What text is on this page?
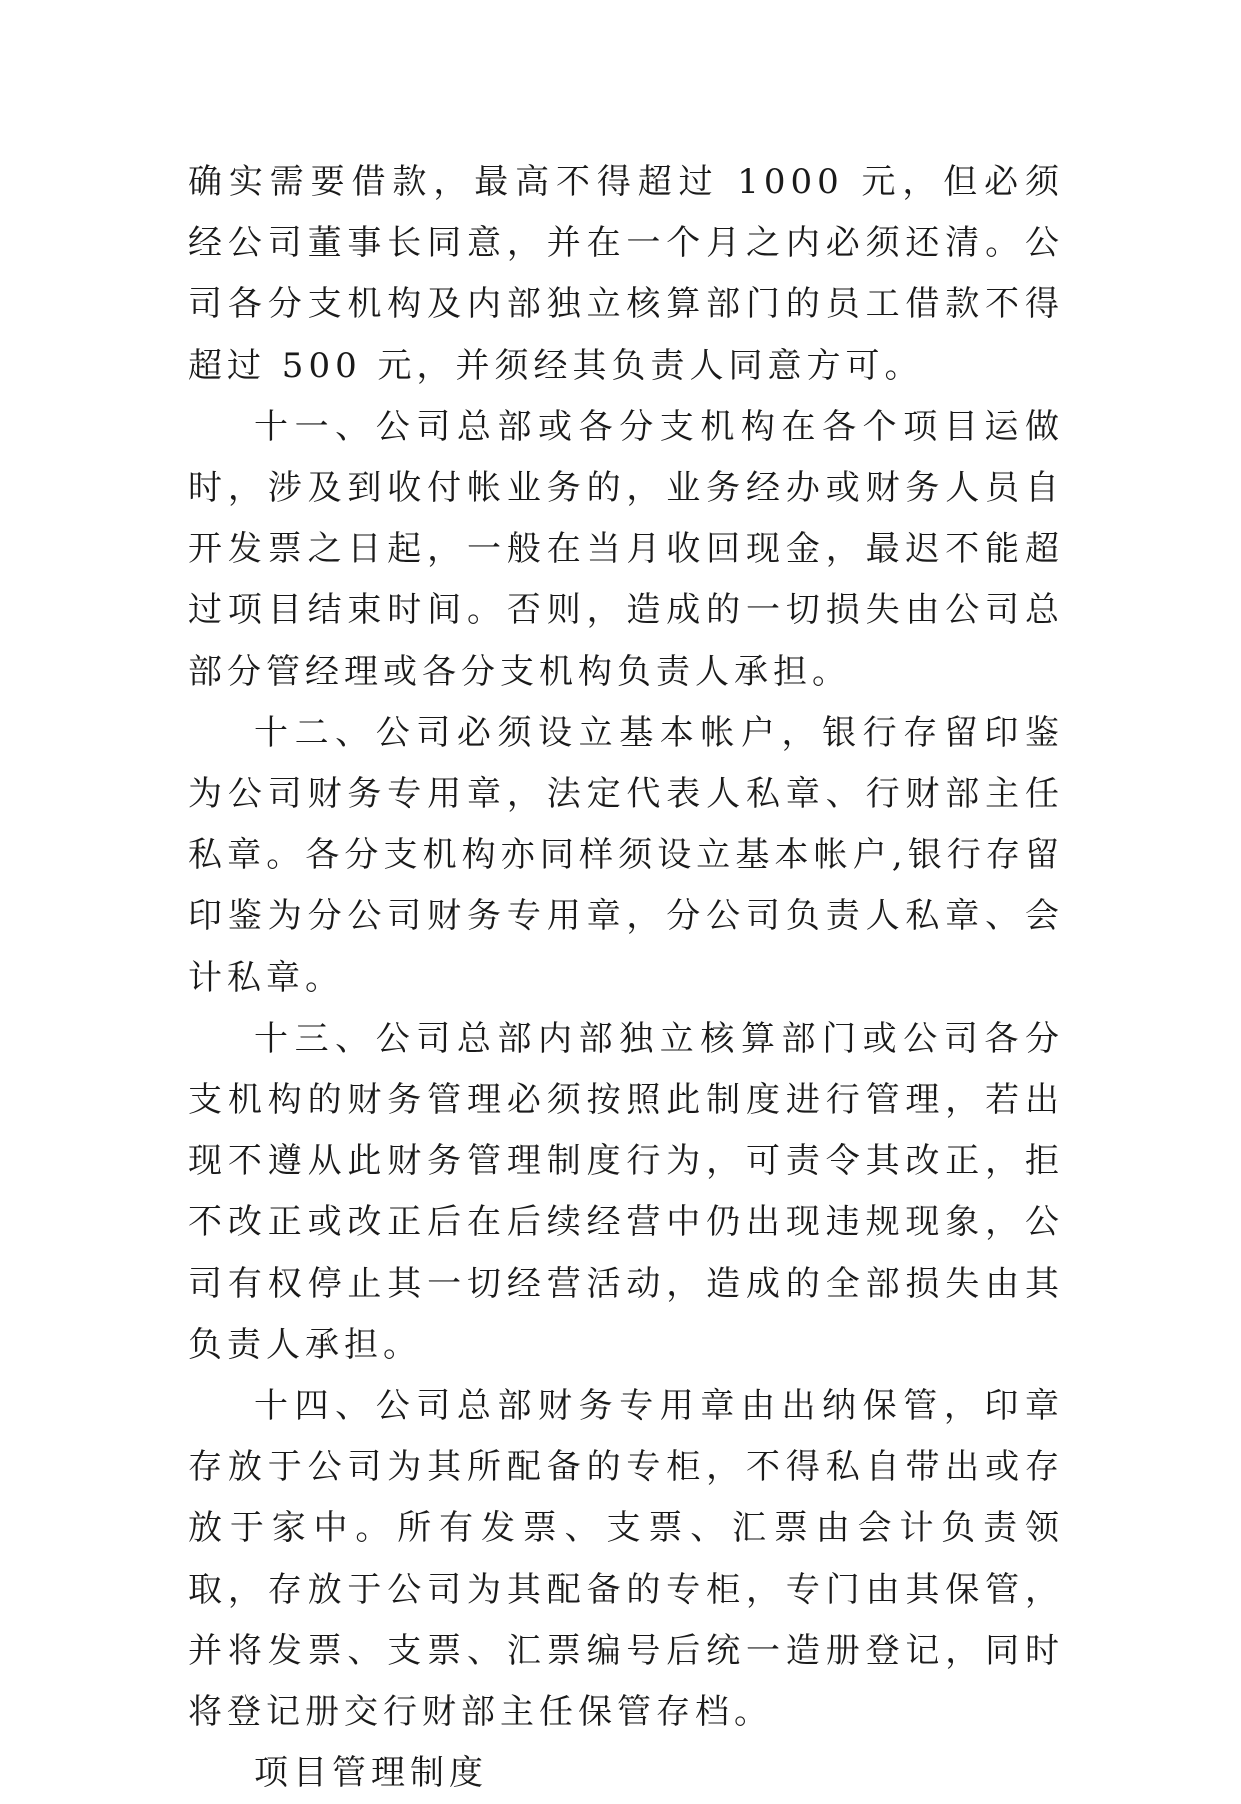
确实需要借款，最高不得超过 1000 元，但必须经公司董事长同意，并在一个月之内必须还清。公司各分支机构及内部独立核算部门的员工借款不得超过 500 元，并须经其负责人同意方可。

十一、公司总部或各分支机构在各个项目运做时，涉及到收付帐业务的，业务经办或财务人员自开发票之日起，一般在当月收回现金，最迟不能超过项目结束时间。否则，造成的一切损失由公司总部分管经理或各分支机构负责人承担。

十二、公司必须设立基本帐户，银行存留印鉴为公司财务专用章，法定代表人私章、行财部主任私章。各分支机构亦同样须设立基本帐户,银行存留印鉴为分公司财务专用章，分公司负责人私章、会计私章。

十三、公司总部内部独立核算部门或公司各分支机构的财务管理必须按照此制度进行管理，若出现不遵从此财务管理制度行为，可责令其改正，拒不改正或改正后在后续经营中仍出现违规现象，公司有权停止其一切经营活动，造成的全部损失由其负责人承担。

十四、公司总部财务专用章由出纳保管，印章存放于公司为其所配备的专柜，不得私自带出或存放于家中。所有发票、支票、汇票由会计负责领取，存放于公司为其配备的专柜，专门由其保管，并将发票、支票、汇票编号后统一造册登记，同时将登记册交行财部主任保管存档。

项目管理制度
